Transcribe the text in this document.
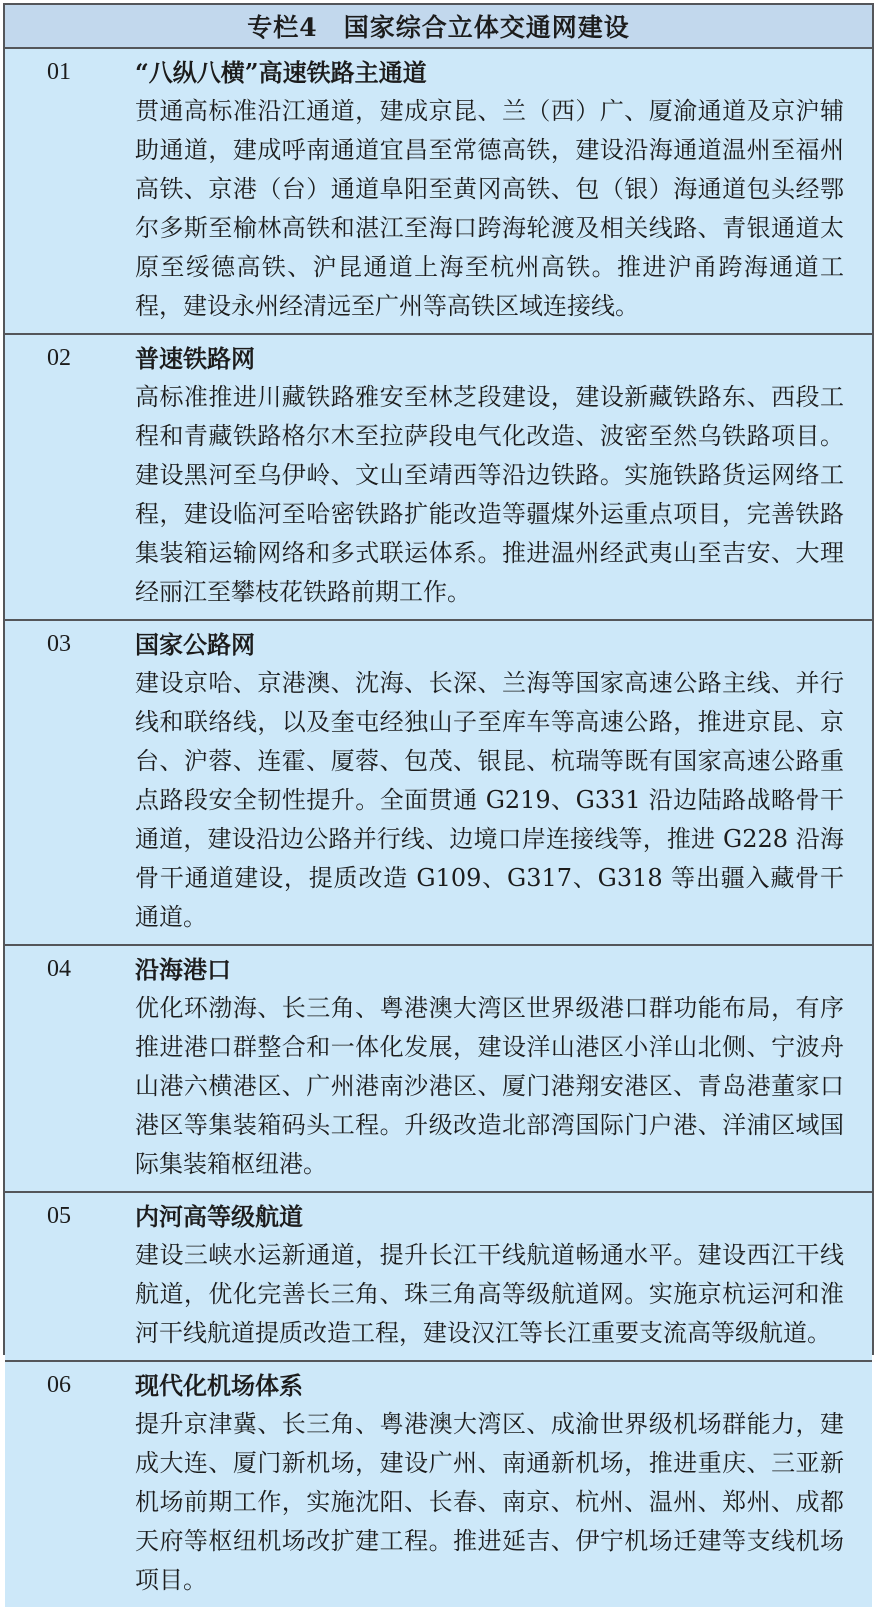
专栏4　国家综合立体交通网建设
01	“八纵八横”高速铁路主通道

贯通高标准沿江通道，建成京昆、兰（西）广、厦渝通道及京沪辅助通道，建成呼南通道宜昌至常德高铁，建设沿海通道温州至福州高铁、京港（台）通道阜阳至黄冈高铁、包（银）海通道包头经鄂尔多斯至榆林高铁和湛江至海口跨海轮渡及相关线路、青银通道太原至绥德高铁、沪昆通道上海至杭州高铁。推进沪甬跨海通道工程，建设永州经清远至广州等高铁区域连接线。

02	普速铁路网

高标准推进川藏铁路雅安至林芝段建设，建设新藏铁路东、西段工程和青藏铁路格尔木至拉萨段电气化改造、波密至然乌铁路项目。建设黑河至乌伊岭、文山至靖西等沿边铁路。实施铁路货运网络工程，建设临河至哈密铁路扩能改造等疆煤外运重点项目，完善铁路集装箱运输网络和多式联运体系。推进温州经武夷山至吉安、大理经丽江至攀枝花铁路前期工作。

03	国家公路网

建设京哈、京港澳、沈海、长深、兰海等国家高速公路主线、并行线和联络线，以及奎屯经独山子至库车等高速公路，推进京昆、京台、沪蓉、连霍、厦蓉、包茂、银昆、杭瑞等既有国家高速公路重点路段安全韧性提升。全面贯通 G219、G331 沿边陆路战略骨干通道，建设沿边公路并行线、边境口岸连接线等，推进 G228 沿海骨干通道建设，提质改造 G109、G317、G318 等出疆入藏骨干通道。

04	沿海港口

优化环渤海、长三角、粤港澳大湾区世界级港口群功能布局，有序推进港口群整合和一体化发展，建设洋山港区小洋山北侧、宁波舟山港六横港区、广州港南沙港区、厦门港翔安港区、青岛港董家口港区等集装箱码头工程。升级改造北部湾国际门户港、洋浦区域国际集装箱枢纽港。

05	内河高等级航道

建设三峡水运新通道，提升长江干线航道畅通水平。建设西江干线航道，优化完善长三角、珠三角高等级航道网。实施京杭运河和淮河干线航道提质改造工程，建设汉江等长江重要支流高等级航道。

06	现代化机场体系

提升京津冀、长三角、粤港澳大湾区、成渝世界级机场群能力，建成大连、厦门新机场，建设广州、南通新机场，推进重庆、三亚新机场前期工作，实施沈阳、长春、南京、杭州、温州、郑州、成都天府等枢纽机场改扩建工程。推进延吉、伊宁机场迁建等支线机场项目。
